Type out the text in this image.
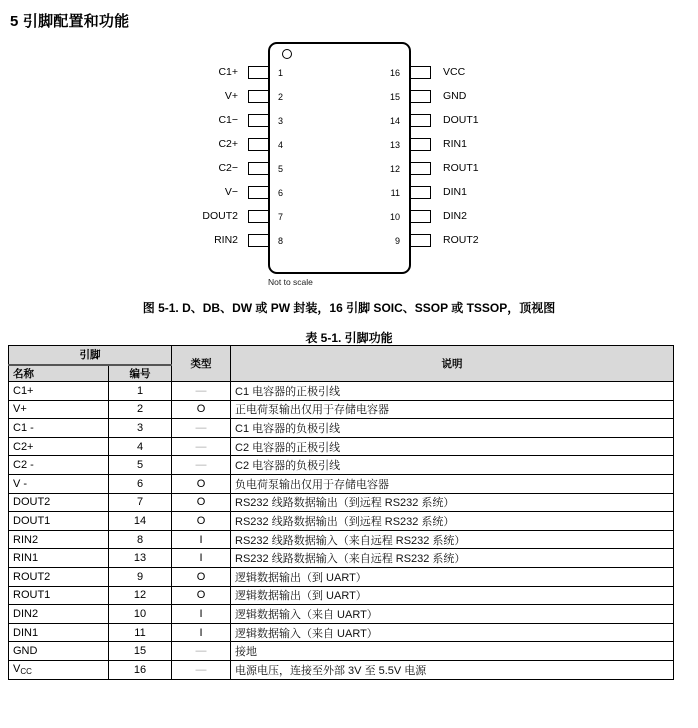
5 引脚配置和功能
C1+
V+
C1−
C2+
C2−
V−
DOUT2
RIN2
1
2
3
4
5
6
7
8
VCC
GND
DOUT1
RIN1
ROUT1
DIN1
DIN2
ROUT2
16
15
14
13
12
11
10
9
Not to scale
图 5-1. D、DB、DW 或 PW 封装，16 引脚 SOIC、SSOP 或 TSSOP，顶视图
表 5-1. 引脚功能
引脚		类型	说明
名称	编号		
C1+	1	—	C1 电容器的正极引线
V+	2	O	正电荷泵输出仅用于存储电容器
C1 -	3	—	C1 电容器的负极引线
C2+	4	—	C2 电容器的正极引线
C2 -	5	—	C2 电容器的负极引线
V -	6	O	负电荷泵输出仅用于存储电容器
DOUT2	7	O	RS232 线路数据输出（到远程 RS232 系统）
DOUT1	14	O	RS232 线路数据输出（到远程 RS232 系统）
RIN2	8	I	RS232 线路数据输入（来自远程 RS232 系统）
RIN1	13	I	RS232 线路数据输入（来自远程 RS232 系统）
ROUT2	9	O	逻辑数据输出（到 UART）
ROUT1	12	O	逻辑数据输出（到 UART）
DIN2	10	I	逻辑数据输入（来自 UART）
DIN1	11	I	逻辑数据输入（来自 UART）
GND	15	—	接地
$V_{CC}$	16	—	电源电压，连接至外部 3V 至 5.5V 电源
